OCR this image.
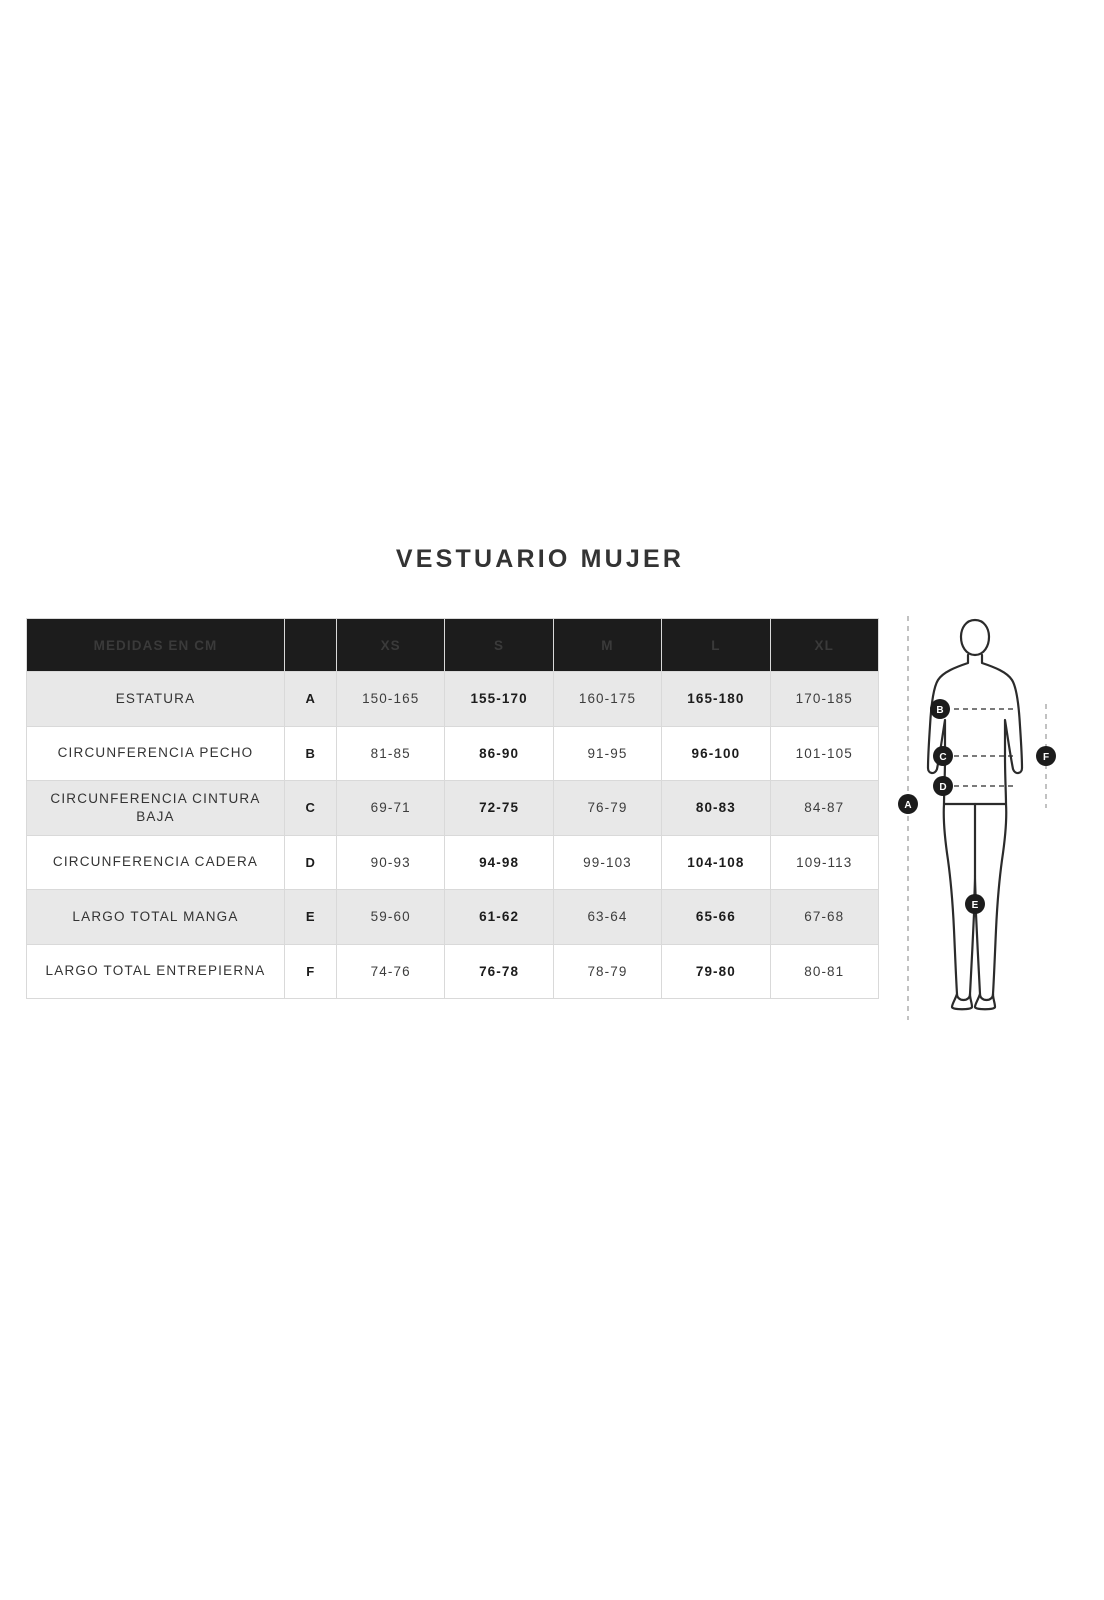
VESTUARIO MUJER
MEDIDAS EN CM		XS	S	M	L	XL
ESTATURA	A	150-165	155-170	160-175	165-180	170-185
CIRCUNFERENCIA PECHO	B	81-85	86-90	91-95	96-100	101-105
CIRCUNFERENCIA CINTURA BAJA	C	69-71	72-75	76-79	80-83	84-87
CIRCUNFERENCIA CADERA	D	90-93	94-98	99-103	104-108	109-113
LARGO TOTAL MANGA	E	59-60	61-62	63-64	65-66	67-68
LARGO TOTAL ENTREPIERNA	F	74-76	76-78	78-79	79-80	80-81
A
B
C
D
F
E
